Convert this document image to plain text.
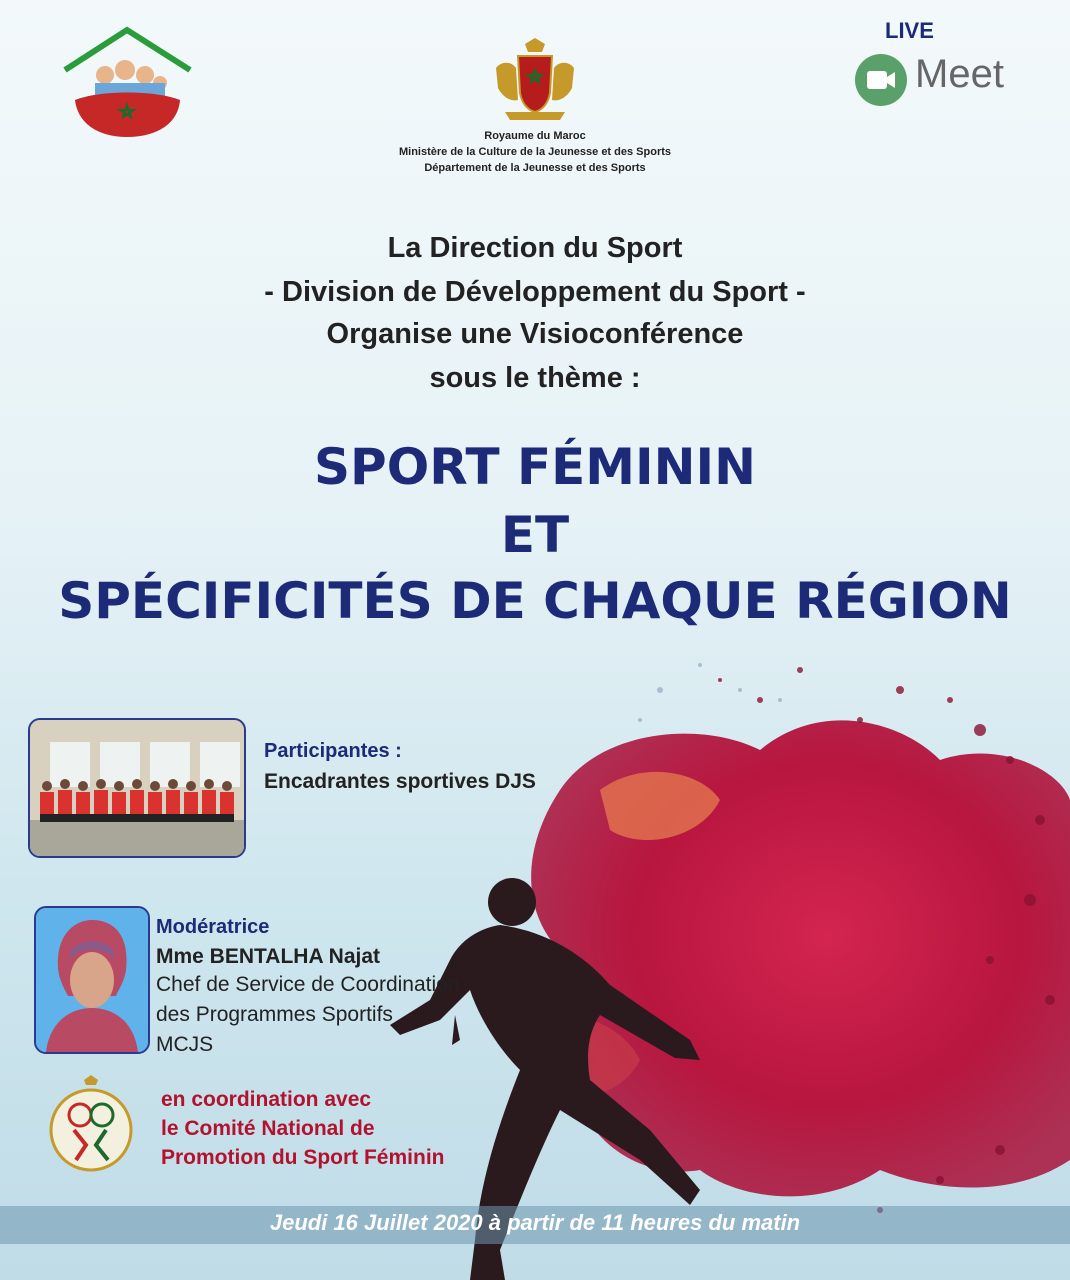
LIVE
Meet
Royaume du Maroc
Ministère de la Culture de la Jeunesse et des Sports
Département de la Jeunesse et des Sports
La Direction du Sport
- Division de Développement du Sport -
Organise une Visioconférence
sous le thème :
SPORT FÉMININ
ET
SPÉCIFICITÉS DE CHAQUE RÉGION
Participantes :
Encadrantes sportives DJS
Modératrice
Mme BENTALHA Najat
Chef de Service de Coordination
des Programmes Sportifs
MCJS
en coordination avec
le Comité National de
Promotion du Sport Féminin
Jeudi 16 Juillet 2020 à partir de 11 heures du matin
